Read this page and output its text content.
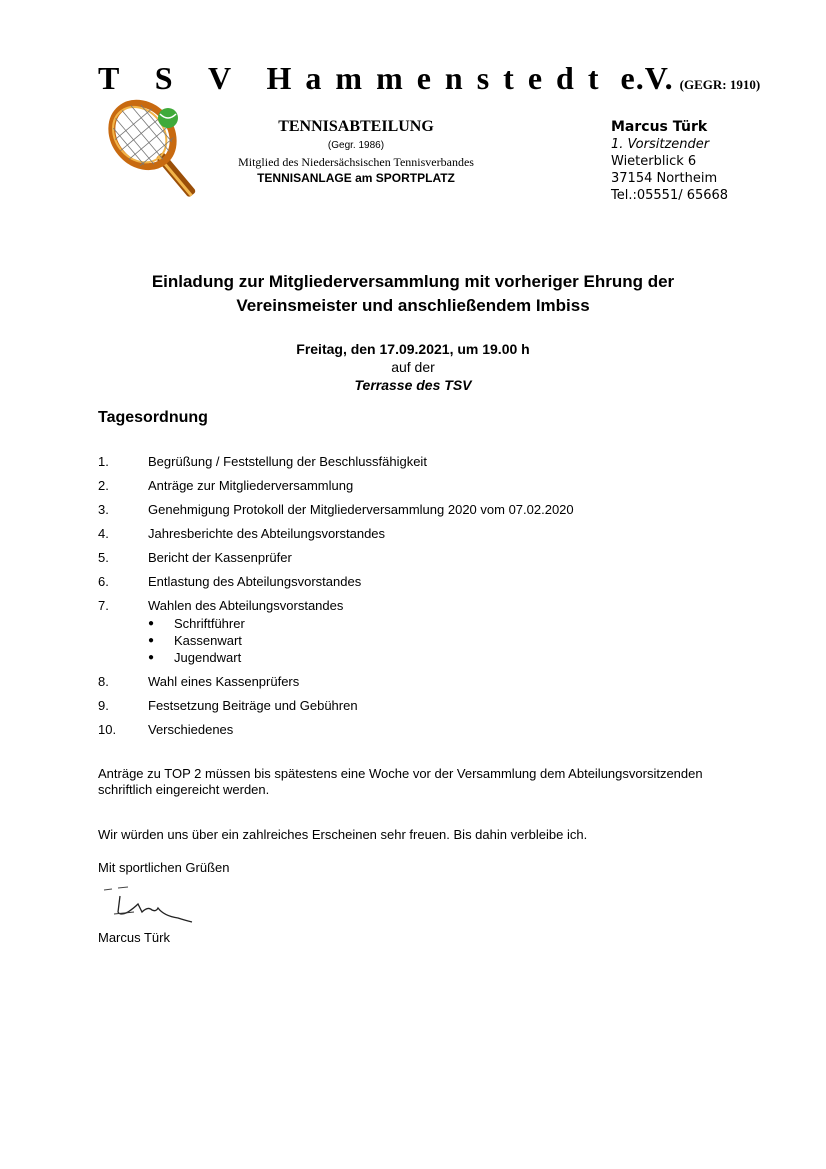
T S V Hammenstedt e.V. (GEGR: 1910)
TENNISABTEILUNG
(Gegr. 1986)
Mitglied des Niedersächsischen Tennisverbandes
TENNISANLAGE am SPORTPLATZ
Marcus Türk
1. Vorsitzender
Wieterblick 6
37154 Northeim
Tel.:05551/ 65668
Einladung zur Mitgliederversammlung mit vorheriger Ehrung der
Vereinsmeister und anschließendem Imbiss
Freitag, den 17.09.2021, um 19.00 h
auf der
Terrasse des TSV
Tagesordnung
1.	Begrüßung / Feststellung der Beschlussfähigkeit
2.	Anträge zur Mitgliederversammlung
3.	Genehmigung Protokoll der Mitgliederversammlung 2020 vom 07.02.2020
4.	Jahresberichte des Abteilungsvorstandes
5.	Bericht der Kassenprüfer
6.	Entlastung des Abteilungsvorstandes
7.	Wahlen des Abteilungsvorstandes
●	Schriftführer
●	Kassenwart
●	Jugendwart
8.	Wahl eines Kassenprüfers
9.	Festsetzung Beiträge und Gebühren
10.	Verschiedenes
Anträge zu TOP 2 müssen bis spätestens eine Woche vor der Versammlung dem Abteilungsvorsitzenden schriftlich eingereicht werden.
Wir würden uns über ein zahlreiches Erscheinen sehr freuen. Bis dahin verbleibe ich.
Mit sportlichen Grüßen
Marcus Türk
